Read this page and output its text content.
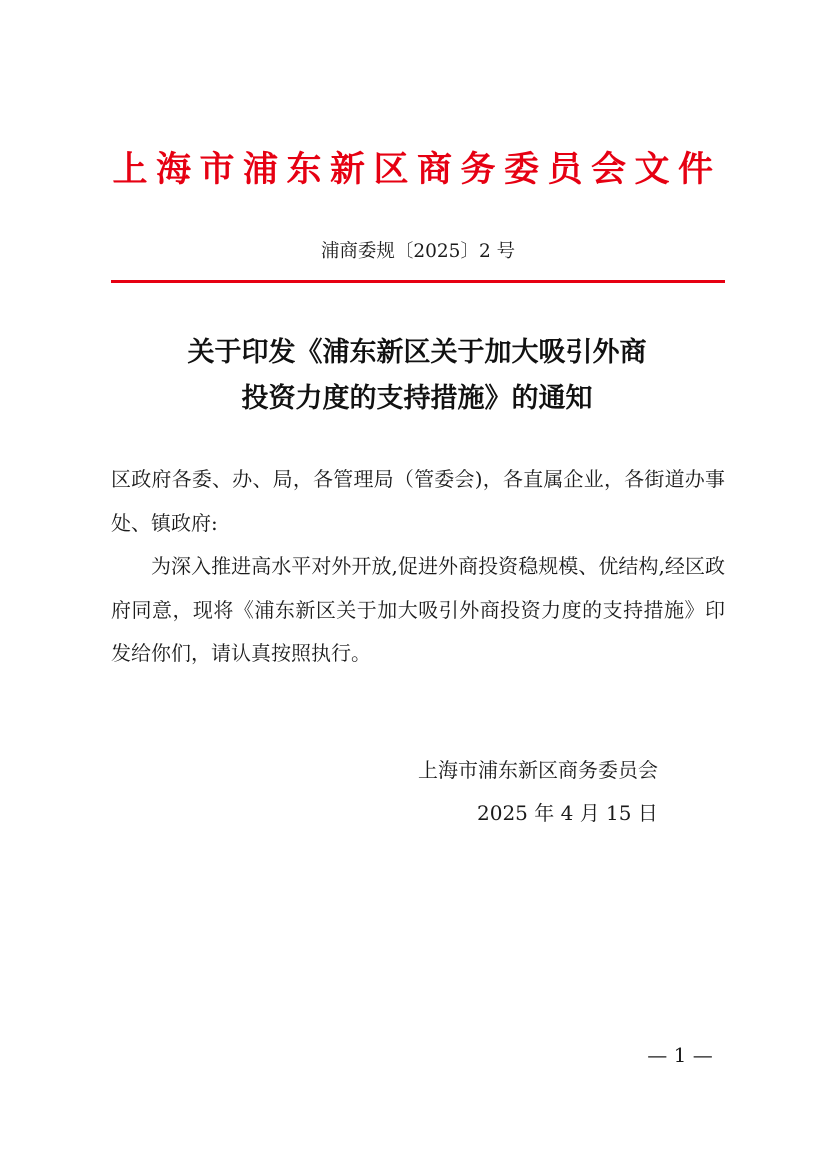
上海市浦东新区商务委员会文件
浦商委规〔2025〕2 号
关于印发《浦东新区关于加大吸引外商
投资力度的支持措施》的通知

区政府各委、办、局，各管理局（管委会)，各直属企业，各街道办事处、镇政府:

为深入推进高水平对外开放,促进外商投资稳规模、优结构,经区政府同意，现将《浦东新区关于加大吸引外商投资力度的支持措施》印发给你们，请认真按照执行。

上海市浦东新区商务委员会
2025 年 4 月 15 日
— 1 —
